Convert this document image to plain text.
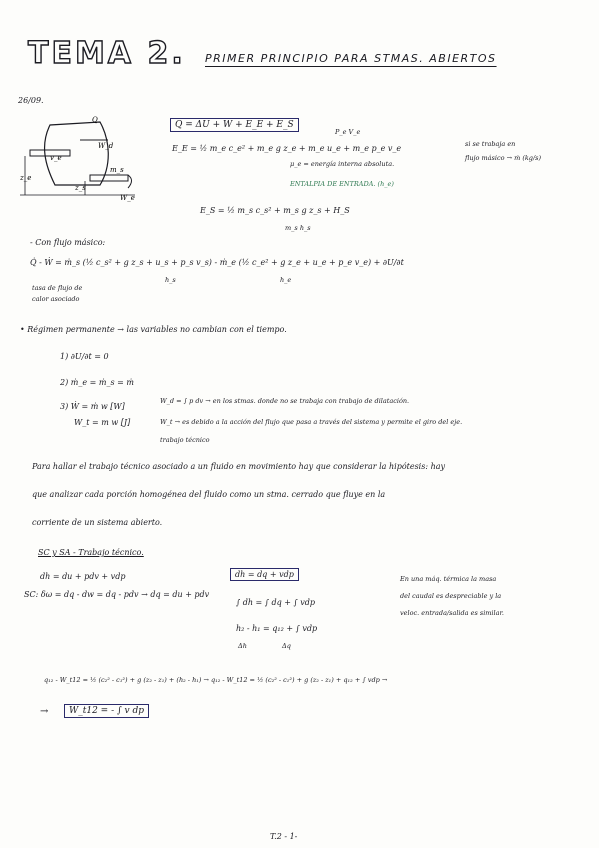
TEMA 2. PRIMER PRINCIPIO PARA STMAS. ABIERTOS
26/09.
Q
W_d
v_e
z_e
z_s
m_s
W_e
Q = ΔU + W + E_E + E_S
P_e V_e
E_E = ½ m_e c_e² + m_e g z_e + m_e u_e + m_e p_e v_e
μ_e = energía interna absoluta.
ENTALPIA DE ENTRADA. (h_e)
E_S = ½ m_s c_s² + m_s g z_s + H_S
m_s h_s
si se trabaja en
flujo másico → ṁ (kg/s)
- Con flujo másico:
Q̇ - Ẇ = ṁ_s (½ c_s² + g z_s + u_s + p_s v_s) - ṁ_e (½ c_e² + g z_e + u_e + p_e v_e) + ∂U/∂t
h_s	h_e
tasa de flujo de
calor asociado
• Régimen permanente → las variables no cambian con el tiempo.
1) ∂U/∂t = 0
2) ṁ_e = ṁ_s = ṁ
3) Ẇ = ṁ w [W]
W_t = m w [J]
W_d = ∫ p dv → en los stmas. donde no se trabaja con trabajo de dilatación.
W_t → es debido a la acción del flujo que pasa a través del sistema y permite el giro del eje.
trabajo técnico
Para hallar el trabajo técnico asociado a un fluido en movimiento hay que considerar la hipótesis: hay
que analizar cada porción homogénea del fluido como un stma. cerrado que fluye en la
corriente de un sistema abierto.
SC y SA - Trabajo técnico.
dh = du + pdv + vdp
SC: δω = dq - dw = dq - pdv → dq = du + pdv
dh = dq + vdp
∫ dh = ∫ dq + ∫ vdp
h₂ - h₁ = q₁₂ + ∫ vdp
Δh	Δq
En una máq. térmica la masa
del caudal es despreciable y la
veloc. entrada/salida es similar.
q₁₂ - W_t12 = ½ (c₂² - c₁²) + g (z₂ - z₁) + (h₂ - h₁) → q₁₂ - W_t12 = ½ (c₂² - c₁²) + g (z₂ - z₁) + q₁₂ + ∫ vdp →
→	W_t12 = - ∫ v dp
T.2 - 1-
